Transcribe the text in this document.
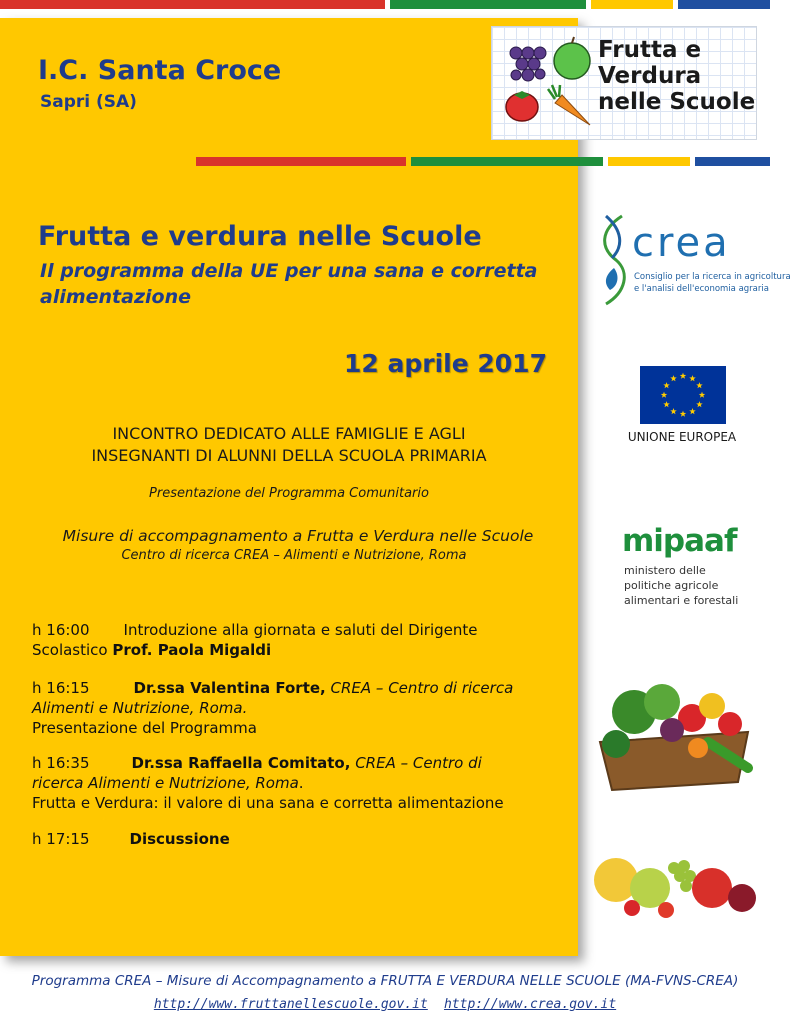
I.C. Santa Croce
Sapri (SA)
Frutta e
Verdura
nelle Scuole
Frutta e verdura nelle Scuole
Il programma della UE per una sana e corretta
alimentazione
12 aprile 2017
INCONTRO DEDICATO ALLE FAMIGLIE E AGLI
INSEGNANTI DI ALUNNI DELLA SCUOLA PRIMARIA
Presentazione del Programma Comunitario
Misure di accompagnamento a Frutta e Verdura nelle Scuole
Centro di ricerca CREA – Alimenti e Nutrizione, Roma
h 16:00 Introduzione alla giornata e saluti del Dirigente
Scolastico Prof. Paola Migaldi
h 16:15	Dr.ssa Valentina Forte, CREA – Centro di ricerca
Alimenti e Nutrizione, Roma.
Presentazione del Programma
h 16:35	Dr.ssa Raffaella Comitato, CREA – Centro di
ricerca Alimenti e Nutrizione, Roma.
Frutta e Verdura: il valore di una sana e corretta alimentazione
h 17:15	Discussione
crea
Consiglio per la ricerca in agricoltura
e l'analisi dell'economia agraria
UNIONE EUROPEA
mipaaf
ministero delle
politiche agricole
alimentari e forestali
Programma CREA – Misure di Accompagnamento a FRUTTA E VERDURA NELLE SCUOLE (MA-FVNS-CREA)
http://www.fruttanellescuole.gov.it http://www.crea.gov.it
